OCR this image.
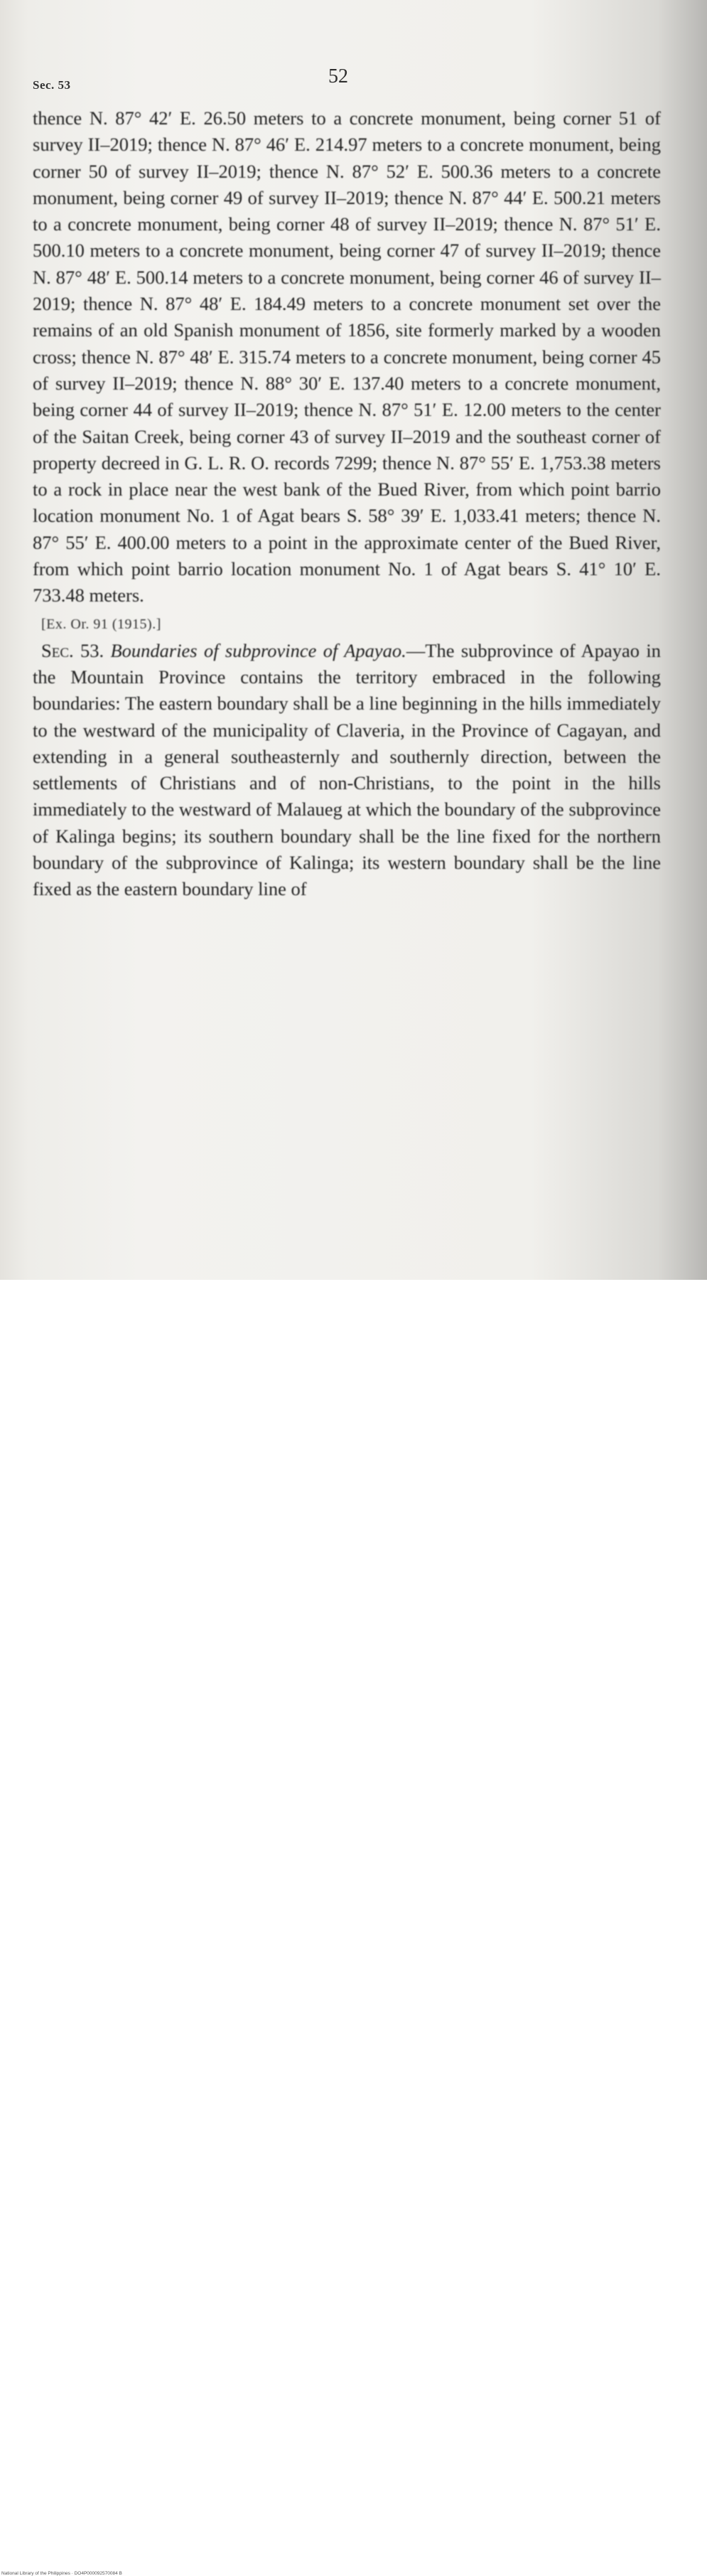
Sec. 53	52

thence N. 87° 42′ E. 26.50 meters to a concrete monument, being corner 51 of survey II–2019; thence N. 87° 46′ E. 214.97 meters to a concrete monument, being corner 50 of survey II–2019; thence N. 87° 52′ E. 500.36 meters to a concrete monument, being corner 49 of survey II–2019; thence N. 87° 44′ E. 500.21 meters to a concrete monument, being corner 48 of survey II–2019; thence N. 87° 51′ E. 500.10 meters to a concrete monument, being corner 47 of survey II–2019; thence N. 87° 48′ E. 500.14 meters to a concrete monument, being corner 46 of survey II–2019; thence N. 87° 48′ E. 184.49 meters to a concrete monument set over the remains of an old Spanish monument of 1856, site formerly marked by a wooden cross; thence N. 87° 48′ E. 315.74 meters to a concrete monument, being corner 45 of survey II–2019; thence N. 88° 30′ E. 137.40 meters to a concrete monument, being corner 44 of survey II–2019; thence N. 87° 51′ E. 12.00 meters to the center of the Saitan Creek, being corner 43 of survey II–2019 and the southeast corner of property decreed in G. L. R. O. records 7299; thence N. 87° 55′ E. 1,753.38 meters to a rock in place near the west bank of the Bued River, from which point barrio location monument No. 1 of Agat bears S. 58° 39′ E. 1,033.41 meters; thence N. 87° 55′ E. 400.00 meters to a point in the approximate center of the Bued River, from which point barrio location monument No. 1 of Agat bears S. 41° 10′ E. 733.48 meters.

[Ex. Or. 91 (1915).]

Sec. 53. Boundaries of subprovince of Apayao.—The subprovince of Apayao in the Mountain Province contains the territory embraced in the following boundaries: The eastern boundary shall be a line beginning in the hills immediately to the westward of the municipality of Claveria, in the Province of Cagayan, and extending in a general southeasternly and southernly direction, between the settlements of Christians and of non-Christians, to the point in the hills immediately to the westward of Malaueg at which the boundary of the subprovince of Kalinga begins; its southern boundary shall be the line fixed for the northern boundary of the subprovince of Kalinga; its western boundary shall be the line fixed as the eastern boundary line of

National Library of the Philippines · DO4P000092570084 B
